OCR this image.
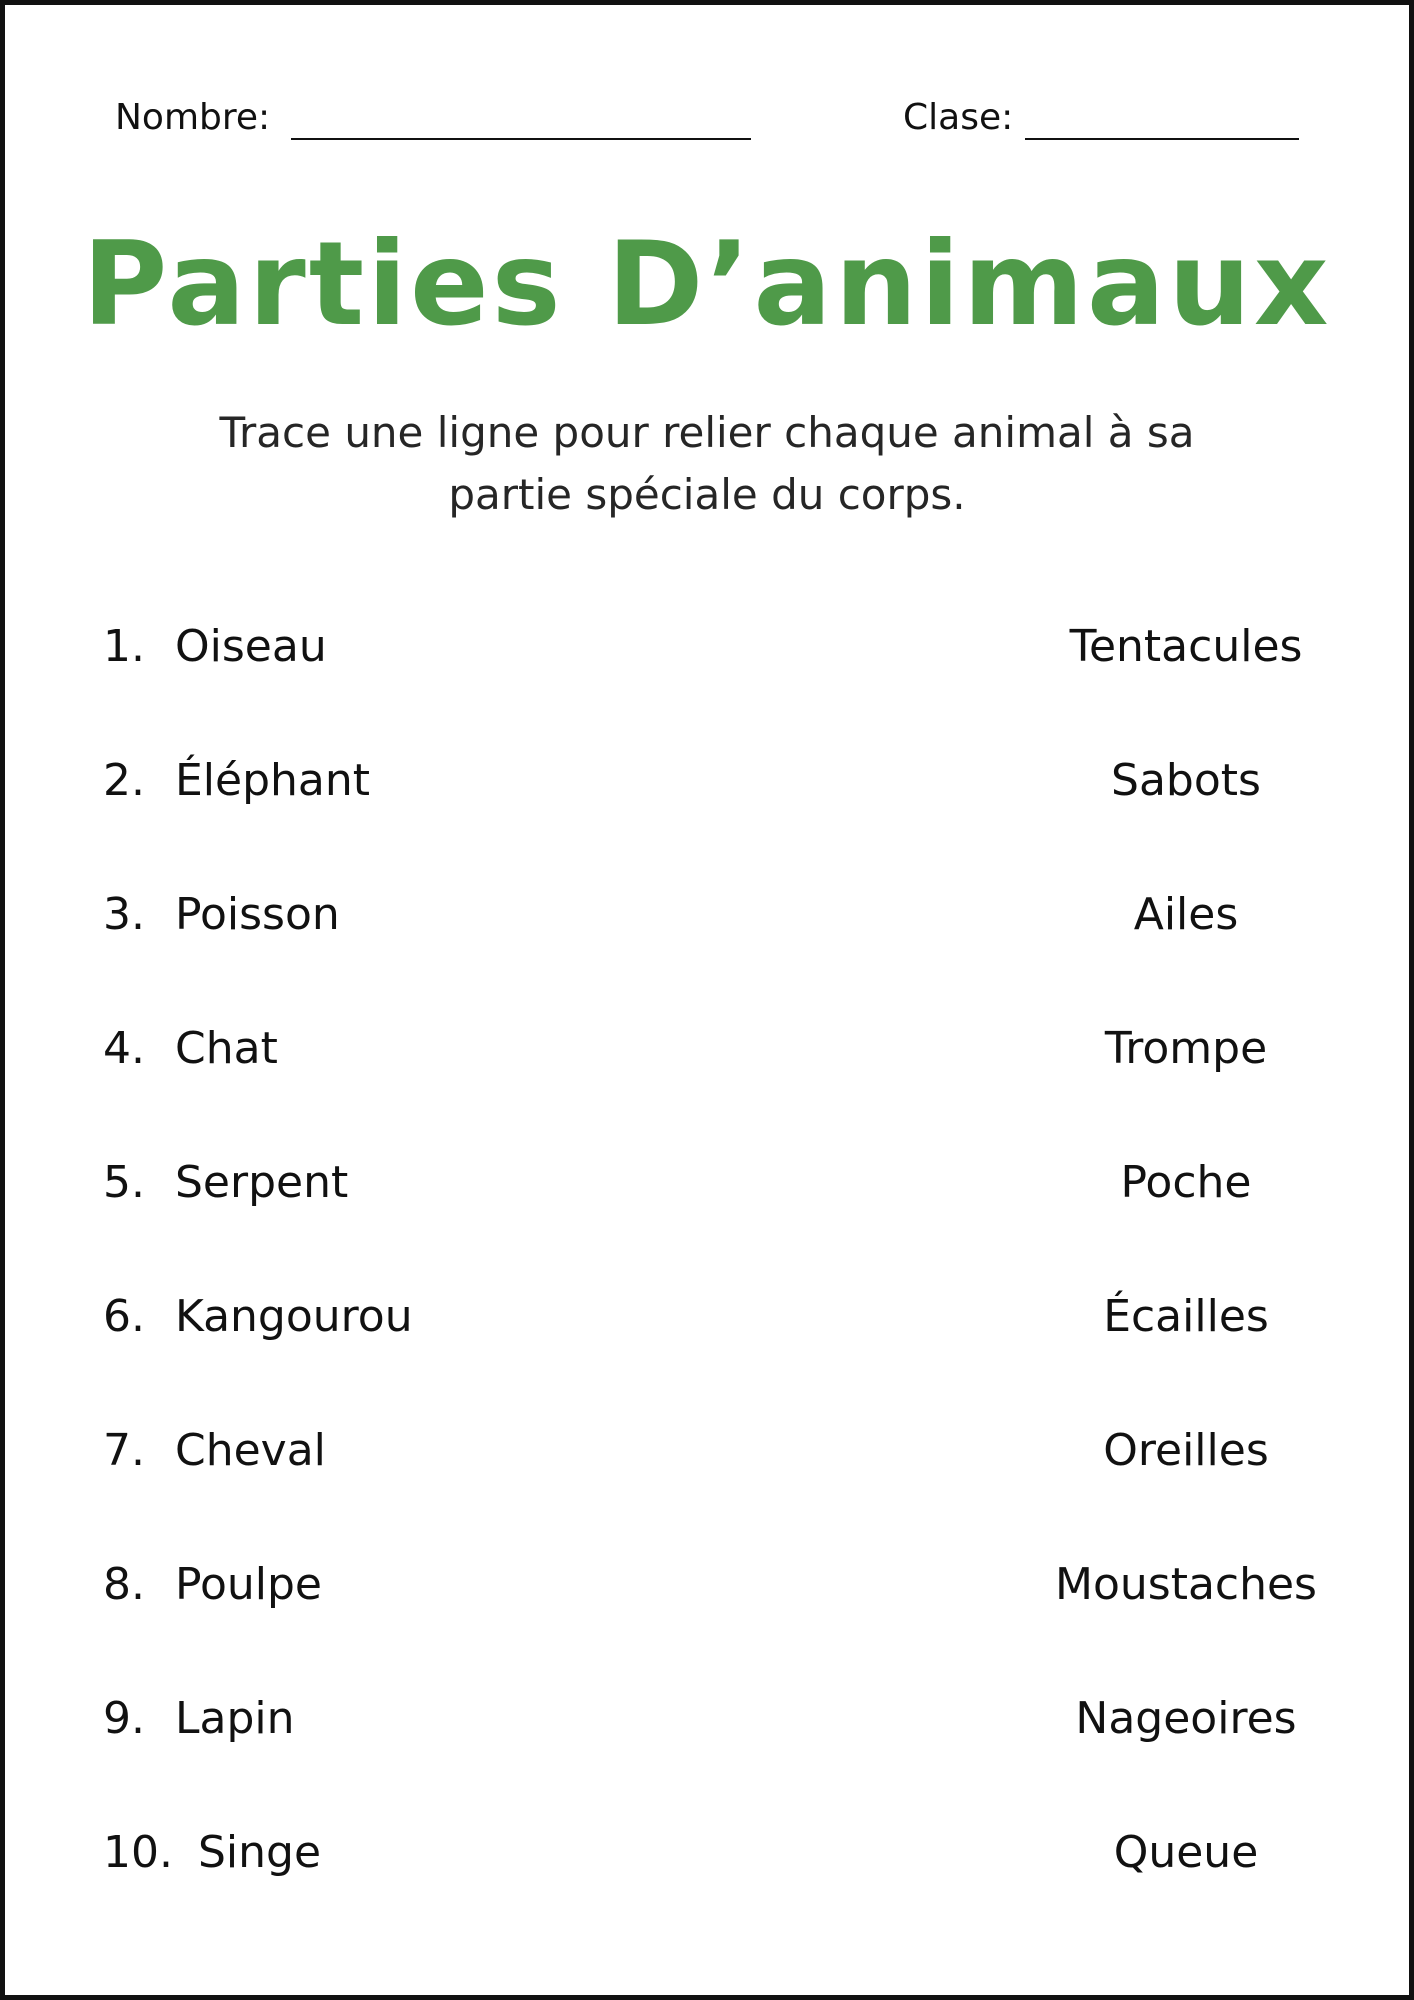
Nombre:	Clase:
Parties D’animaux
Trace une ligne pour relier chaque animal à sa partie spéciale du corps.
1. Oiseau	Tentacules
2. Éléphant	Sabots
3. Poisson	Ailes
4. Chat	Trompe
5. Serpent	Poche
6. Kangourou	Écailles
7. Cheval	Oreilles
8. Poulpe	Moustaches
9. Lapin	Nageoires
10. Singe	Queue
